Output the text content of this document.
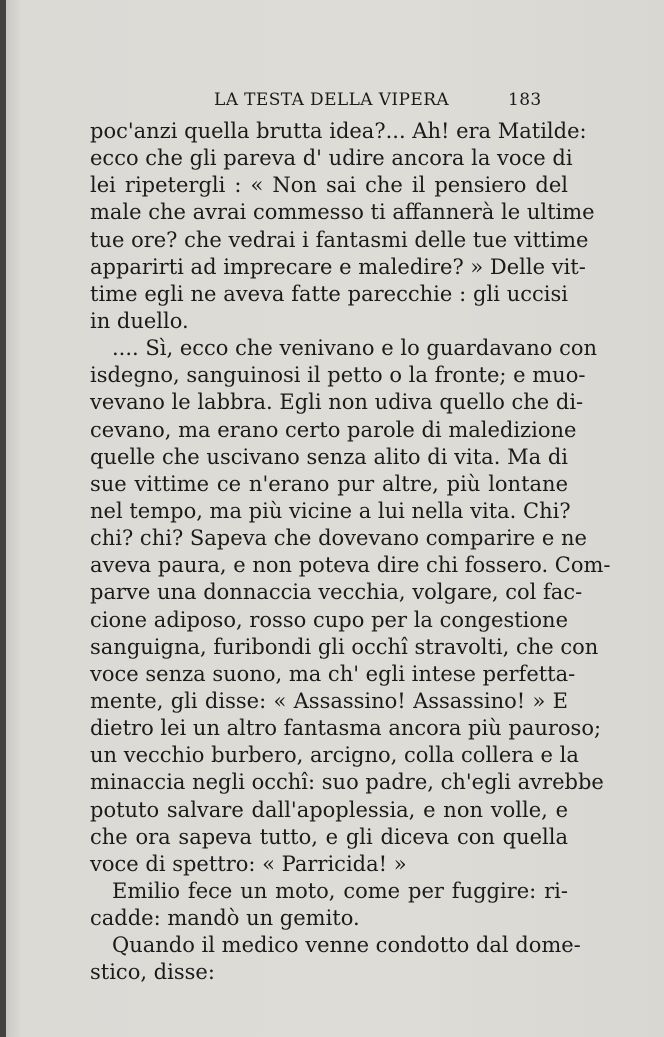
LA TESTA DELLA VIPERA	183
poc'anzi quella brutta idea?... Ah! era Matilde:
ecco che gli pareva d' udire ancora la voce di
lei ripetergli : « Non sai che il pensiero del
male che avrai commesso ti affannerà le ultime
tue ore? che vedrai i fantasmi delle tue vittime
apparirti ad imprecare e maledire? » Delle vit-
time egli ne aveva fatte parecchie : gli uccisi
in duello.
.... Sì, ecco che venivano e lo guardavano con
isdegno, sanguinosi il petto o la fronte; e muo-
vevano le labbra. Egli non udiva quello che di-
cevano, ma erano certo parole di maledizione
quelle che uscivano senza alito di vita. Ma di
sue vittime ce n'erano pur altre, più lontane
nel tempo, ma più vicine a lui nella vita. Chi?
chi? chi? Sapeva che dovevano comparire e ne
aveva paura, e non poteva dire chi fossero. Com-
parve una donnaccia vecchia, volgare, col fac-
cione adiposo, rosso cupo per la congestione
sanguigna, furibondi gli occhî stravolti, che con
voce senza suono, ma ch' egli intese perfetta-
mente, gli disse: « Assassino! Assassino! » E
dietro lei un altro fantasma ancora più pauroso;
un vecchio burbero, arcigno, colla collera e la
minaccia negli occhî: suo padre, ch'egli avrebbe
potuto salvare dall'apoplessia, e non volle, e
che ora sapeva tutto, e gli diceva con quella
voce di spettro: « Parricida! »
Emilio fece un moto, come per fuggire: ri-
cadde: mandò un gemito.
Quando il medico venne condotto dal dome-
stico, disse:
